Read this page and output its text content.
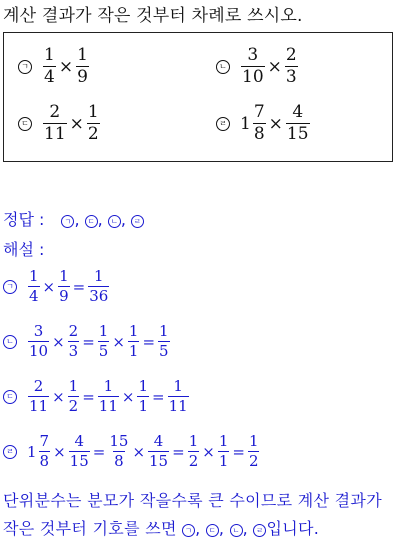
계산 결과가 작은 것부터 차례로 쓰시오.
ㄱ $\frac{1}{4} \times \frac{1}{9}$	ㄴ $\frac{3}{10} \times \frac{2}{3}$
ㄷ $\frac{2}{11} \times \frac{1}{2}$	ㄹ $1 \frac{7}{8} \times \frac{4}{15}$
정답 :	ㄱ , ㄷ , ㄴ , ㄹ
해설 :
ㄱ $\frac{1}{4} \times \frac{1}{9} = \frac{1}{36}$
ㄴ $\frac{3}{10} \times \frac{2}{3} = \frac{1}{5} \times \frac{1}{1} = \frac{1}{5}$
ㄷ $\frac{2}{11} \times \frac{1}{2} = \frac{1}{11} \times \frac{1}{1} = \frac{1}{11}$
ㄹ $1 \frac{7}{8} \times \frac{4}{15} = \frac{15}{8} \times \frac{4}{15} = \frac{1}{2} \times \frac{1}{1} = \frac{1}{2}$
단위분수는 분모가 작을수록 큰 수이므로 계산 결과가
작은 것부터 기호를 쓰면 ㄱ , ㄷ , ㄴ , ㄹ 입니다.
